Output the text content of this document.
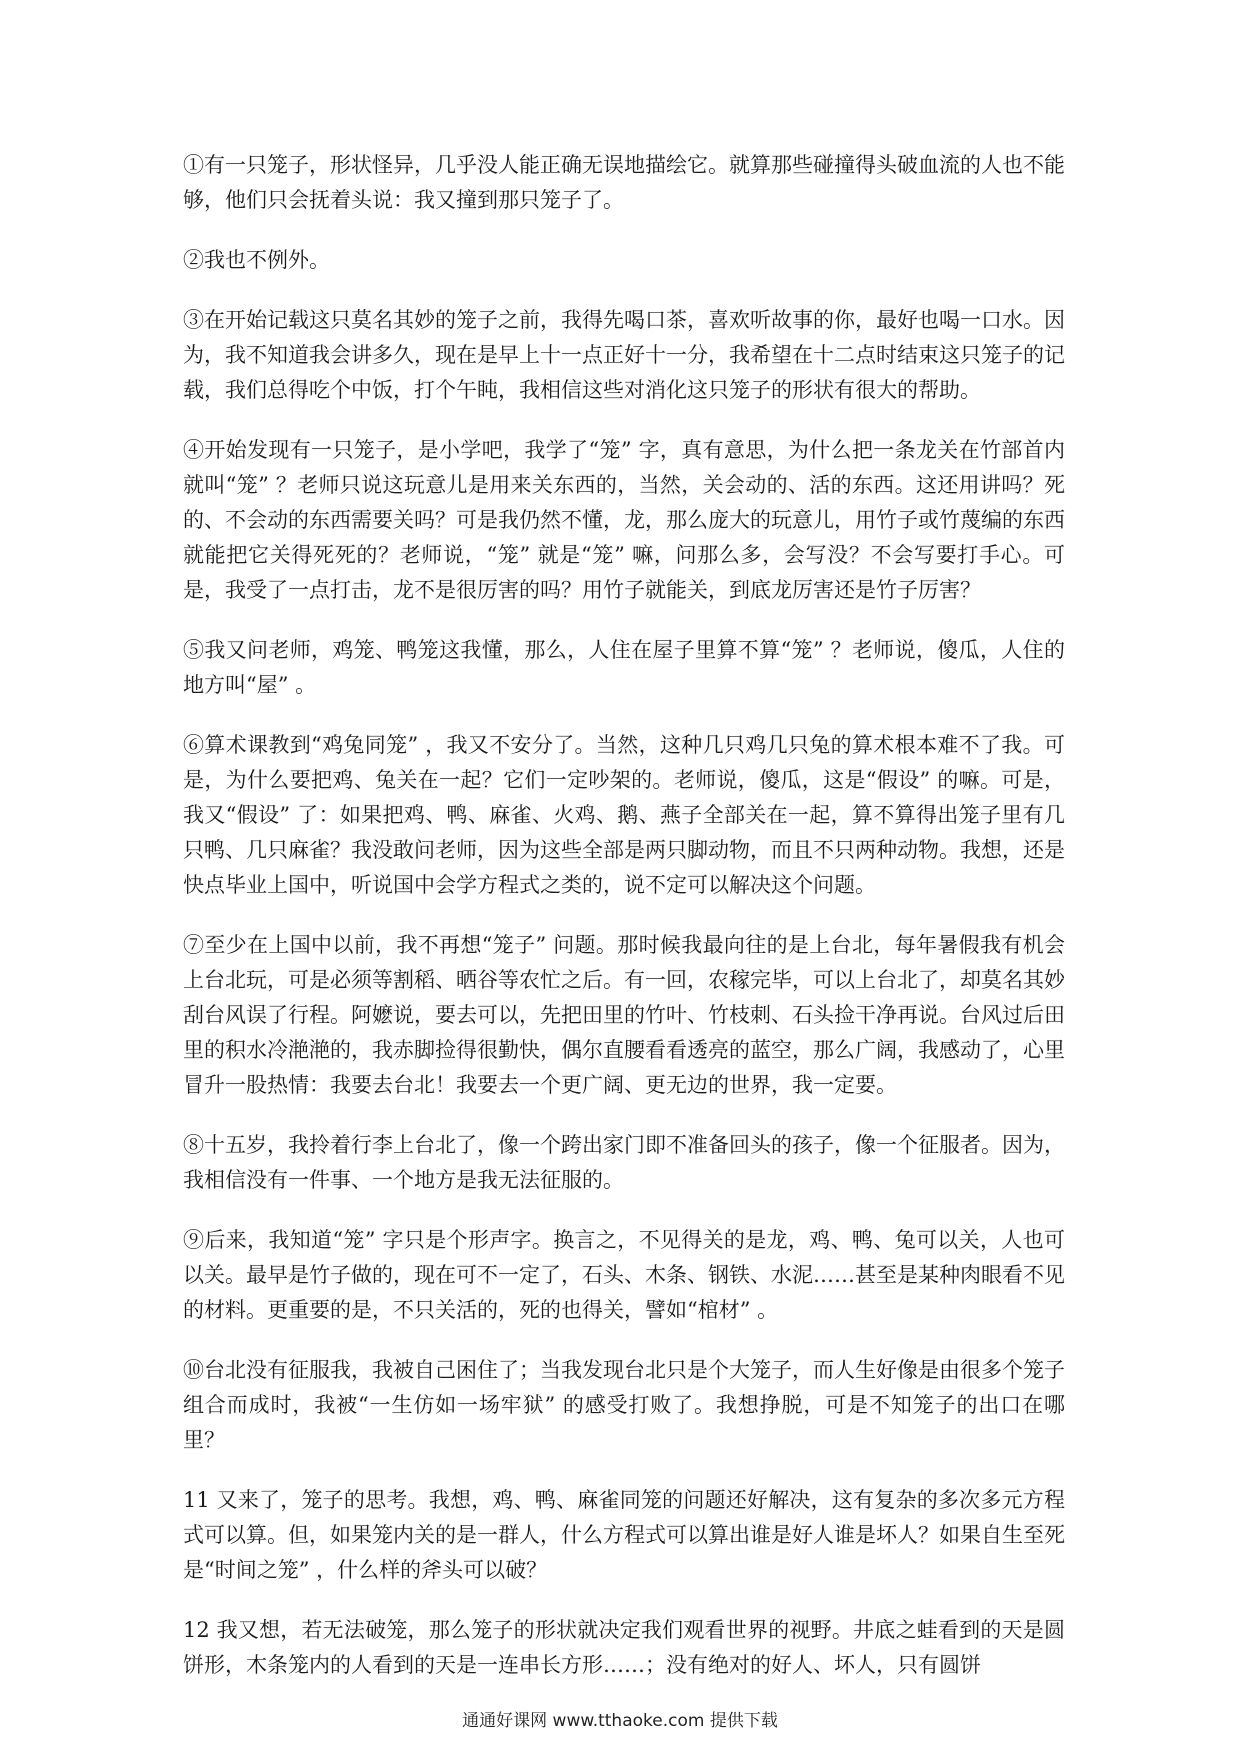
①有一只笼子，形状怪异，几乎没人能正确无误地描绘它。就算那些碰撞得头破血流的人也不能够，他们只会抚着头说：我又撞到那只笼子了。

②我也不例外。

③在开始记载这只莫名其妙的笼子之前，我得先喝口茶，喜欢听故事的你，最好也喝一口水。因为，我不知道我会讲多久，现在是早上十一点正好十一分，我希望在十二点时结束这只笼子的记载，我们总得吃个中饭，打个午盹，我相信这些对消化这只笼子的形状有很大的帮助。

④开始发现有一只笼子，是小学吧，我学了“笼” 字，真有意思，为什么把一条龙关在竹部首内就叫“笼” ？老师只说这玩意儿是用来关东西的，当然，关会动的、活的东西。这还用讲吗？死的、不会动的东西需要关吗？可是我仍然不懂，龙，那么庞大的玩意儿，用竹子或竹蔑编的东西就能把它关得死死的？老师说，“笼” 就是“笼” 嘛，问那么多，会写没？不会写要打手心。可是，我受了一点打击，龙不是很厉害的吗？用竹子就能关，到底龙厉害还是竹子厉害？

⑤我又问老师，鸡笼、鸭笼这我懂，那么，人住在屋子里算不算“笼” ？老师说，傻瓜，人住的地方叫“屋” 。

⑥算术课教到“鸡兔同笼” ，我又不安分了。当然，这种几只鸡几只兔的算术根本难不了我。可是，为什么要把鸡、兔关在一起？它们一定吵架的。老师说，傻瓜，这是“假设” 的嘛。可是，我又“假设” 了：如果把鸡、鸭、麻雀、火鸡、鹅、燕子全部关在一起，算不算得出笼子里有几只鸭、几只麻雀？我没敢问老师，因为这些全部是两只脚动物，而且不只两种动物。我想，还是快点毕业上国中，听说国中会学方程式之类的，说不定可以解决这个问题。

⑦至少在上国中以前，我不再想“笼子” 问题。那时候我最向往的是上台北，每年暑假我有机会上台北玩，可是必须等割稻、晒谷等农忙之后。有一回，农稼完毕，可以上台北了，却莫名其妙刮台风误了行程。阿嬷说，要去可以，先把田里的竹叶、竹枝刺、石头捡干净再说。台风过后田里的积水冷滟滟的，我赤脚捡得很勤快，偶尔直腰看看透亮的蓝空，那么广阔，我感动了，心里冒升一股热情：我要去台北！我要去一个更广阔、更无边的世界，我一定要。

⑧十五岁，我拎着行李上台北了，像一个跨出家门即不准备回头的孩子，像一个征服者。因为，我相信没有一件事、一个地方是我无法征服的。

⑨后来，我知道“笼” 字只是个形声字。换言之，不见得关的是龙，鸡、鸭、兔可以关，人也可以关。最早是竹子做的，现在可不一定了，石头、木条、钢铁、水泥……甚至是某种肉眼看不见的材料。更重要的是，不只关活的，死的也得关，譬如“棺材” 。

⑩台北没有征服我，我被自己困住了；当我发现台北只是个大笼子，而人生好像是由很多个笼子组合而成时，我被“一生仿如一场牢狱” 的感受打败了。我想挣脱，可是不知笼子的出口在哪里？

11 又来了，笼子的思考。我想，鸡、鸭、麻雀同笼的问题还好解决，这有复杂的多次多元方程式可以算。但，如果笼内关的是一群人，什么方程式可以算出谁是好人谁是坏人？如果自生至死是“时间之笼” ，什么样的斧头可以破？

12 我又想，若无法破笼，那么笼子的形状就决定我们观看世界的视野。井底之蛙看到的天是圆饼形，木条笼内的人看到的天是一连串长方形……；没有绝对的好人、坏人，只有圆饼

通通好课网 www.tthaoke.com 提供下载
